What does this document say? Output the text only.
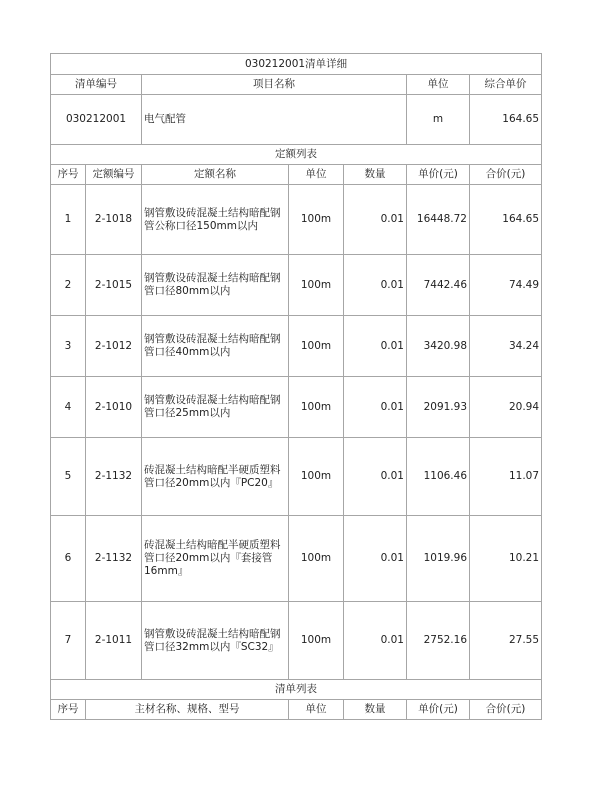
030212001清单详细						
清单编号		项目名称			单位	综合单价
030212001		电气配管			m	164.65
定额列表						
序号	定额编号	定额名称	单位	数量	单价(元)	合价(元)
1	2-1018	钢管敷设砖混凝土结构暗配钢管公称口径150mm以内	100m	0.01	16448.72	164.65
2	2-1015	钢管敷设砖混凝土结构暗配钢管口径80mm以内	100m	0.01	7442.46	74.49
3	2-1012	钢管敷设砖混凝土结构暗配钢管口径40mm以内	100m	0.01	3420.98	34.24
4	2-1010	钢管敷设砖混凝土结构暗配钢管口径25mm以内	100m	0.01	2091.93	20.94
5	2-1132	砖混凝土结构暗配半硬质塑料管口径20mm以内『PC20』	100m	0.01	1106.46	11.07
6	2-1132	砖混凝土结构暗配半硬质塑料管口径20mm以内『套接管16mm』	100m	0.01	1019.96	10.21
7	2-1011	钢管敷设砖混凝土结构暗配钢管口径32mm以内『SC32』	100m	0.01	2752.16	27.55
清单列表						
序号	主材名称、规格、型号		单位	数量	单价(元)	合价(元)
